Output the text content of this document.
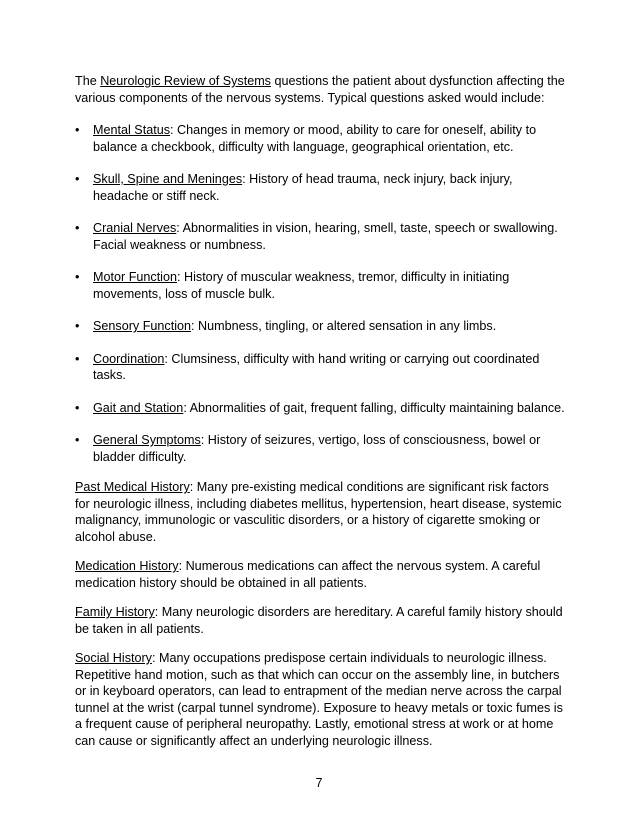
The Neurologic Review of Systems questions the patient about dysfunction affecting the various components of the nervous systems. Typical questions asked would include:

•	Mental Status: Changes in memory or mood, ability to care for oneself, ability to balance a checkbook, difficulty with language, geographical orientation, etc.
•	Skull, Spine and Meninges: History of head trauma, neck injury, back injury, headache or stiff neck.
•	Cranial Nerves: Abnormalities in vision, hearing, smell, taste, speech or swallowing. Facial weakness or numbness.
•	Motor Function: History of muscular weakness, tremor, difficulty in initiating movements, loss of muscle bulk.
•	Sensory Function: Numbness, tingling, or altered sensation in any limbs.
•	Coordination: Clumsiness, difficulty with hand writing or carrying out coordinated tasks.
•	Gait and Station: Abnormalities of gait, frequent falling, difficulty maintaining balance.
•	General Symptoms: History of seizures, vertigo, loss of consciousness, bowel or bladder difficulty.

Past Medical History: Many pre-existing medical conditions are significant risk factors for neurologic illness, including diabetes mellitus, hypertension, heart disease, systemic malignancy, immunologic or vasculitic disorders, or a history of cigarette smoking or alcohol abuse.

Medication History: Numerous medications can affect the nervous system. A careful medication history should be obtained in all patients.

Family History: Many neurologic disorders are hereditary. A careful family history should be taken in all patients.

Social History: Many occupations predispose certain individuals to neurologic illness. Repetitive hand motion, such as that which can occur on the assembly line, in butchers or in keyboard operators, can lead to entrapment of the median nerve across the carpal tunnel at the wrist (carpal tunnel syndrome). Exposure to heavy metals or toxic fumes is a frequent cause of peripheral neuropathy. Lastly, emotional stress at work or at home can cause or significantly affect an underlying neurologic illness.

7
